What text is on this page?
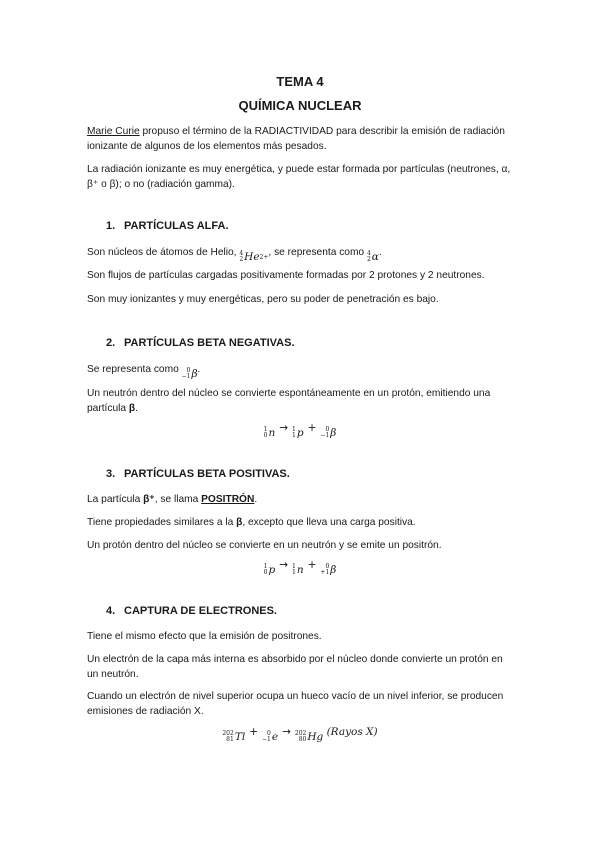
TEMA 4
QUÍMICA NUCLEAR
Marie Curie propuso el término de la RADIACTIVIDAD para describir la emisión de radiación
ionizante de algunos de los elementos más pesados.
La radiación ionizante es muy energética, y puede estar formada por partículas (neutrones, α,
β⁺ o β); o no (radiación gamma).
1. PARTÍCULAS ALFA.
Son núcleos de átomos de Helio, 4
2 He 2+ , se representa como 4
2 α .
Son flujos de partículas cargadas positivamente formadas por 2 protones y 2 neutrones.
Son muy ionizantes y muy energéticas, pero su poder de penetración es bajo.
2. PARTÍCULAS BETA NEGATIVAS.
Se representa como 0
−1 β .
Un neutrón dentro del núcleo se convierte espontáneamente en un protón, emitiendo una
partícula β.
1
0 n → 1
1 p +	0
−1 β
3. PARTÍCULAS BETA POSITIVAS.
La partícula β⁺, se llama POSITRÓN.
Tiene propiedades similares a la β, excepto que lleva una carga positiva.
Un protón dentro del núcleo se convierte en un neutrón y se emite un positrón.
1
0 p → 1
1 n +	0
+1 β
4. CAPTURA DE ELECTRONES.
Tiene el mismo efecto que la emisión de positrones.
Un electrón de la capa más interna es absorbido por el núcleo donde convierte un protón en
un neutrón.
Cuando un electrón de nivel superior ocupa un hueco vacío de un nivel inferior, se producen
emisiones de radiación X.
202
81 Tl +	0
−1 e → 202
80 Hg (Rayos X)
